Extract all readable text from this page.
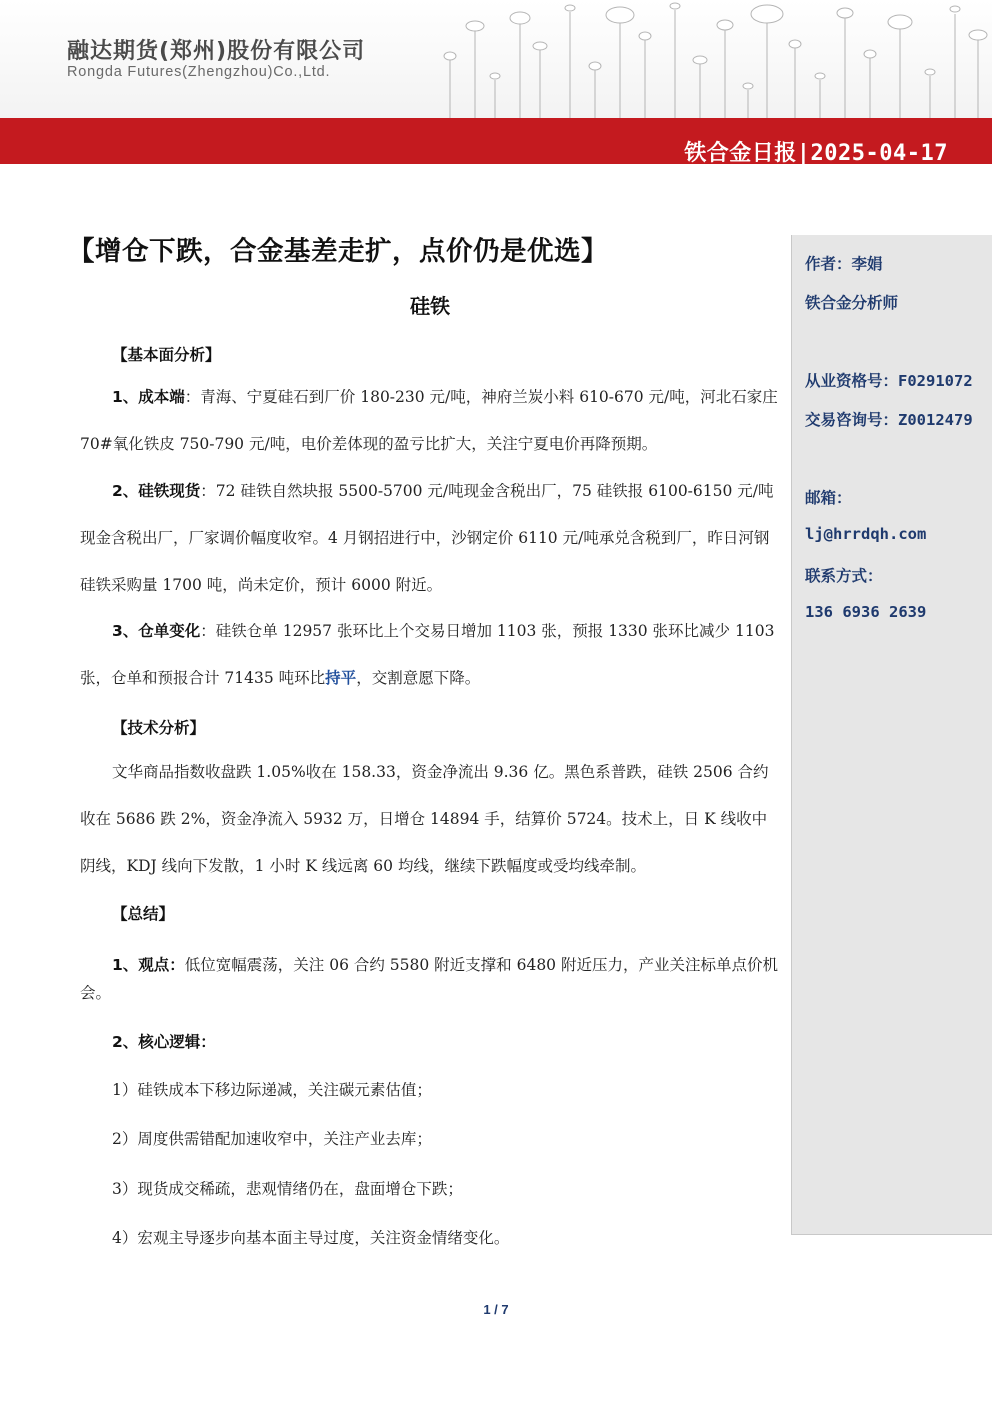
融达期货(郑州)股份有限公司
Rongda Futures(Zhengzhou)Co.,Ltd.
铁合金日报|2025-04-17
作者：李娟
铁合金分析师
从业资格号：F0291072
交易咨询号：Z0012479
邮箱：
lj@hrrdqh.com
联系方式：
136 6936 2639
【增仓下跌，合金基差走扩，点价仍是优选】
硅铁
【基本面分析】
1、成本端：青海、宁夏硅石到厂价 180-230 元/吨，神府兰炭小料 610-670 元/吨，河北石家庄 70#氧化铁皮 750-790 元/吨，电价差体现的盈亏比扩大，关注宁夏电价再降预期。
2、硅铁现货：72 硅铁自然块报 5500-5700 元/吨现金含税出厂，75 硅铁报 6100-6150 元/吨现金含税出厂，厂家调价幅度收窄。4 月钢招进行中，沙钢定价 6110 元/吨承兑含税到厂，昨日河钢硅铁采购量 1700 吨，尚未定价，预计 6000 附近。
3、仓单变化：硅铁仓单 12957 张环比上个交易日增加 1103 张，预报 1330 张环比减少 1103 张，仓单和预报合计 71435 吨环比持平，交割意愿下降。
【技术分析】
文华商品指数收盘跌 1.05%收在 158.33，资金净流出 9.36 亿。黑色系普跌，硅铁 2506 合约收在 5686 跌 2%，资金净流入 5932 万，日增仓 14894 手，结算价 5724。技术上，日 K 线收中阴线，KDJ 线向下发散，1 小时 K 线远离 60 均线，继续下跌幅度或受均线牵制。
【总结】
1、观点：低位宽幅震荡，关注 06 合约 5580 附近支撑和 6480 附近压力，产业关注标单点价机会。
2、核心逻辑：
1）硅铁成本下移边际递减，关注碳元素估值；
2）周度供需错配加速收窄中，关注产业去库；
3）现货成交稀疏，悲观情绪仍在，盘面增仓下跌；
4）宏观主导逐步向基本面主导过度，关注资金情绪变化。
1 / 7
